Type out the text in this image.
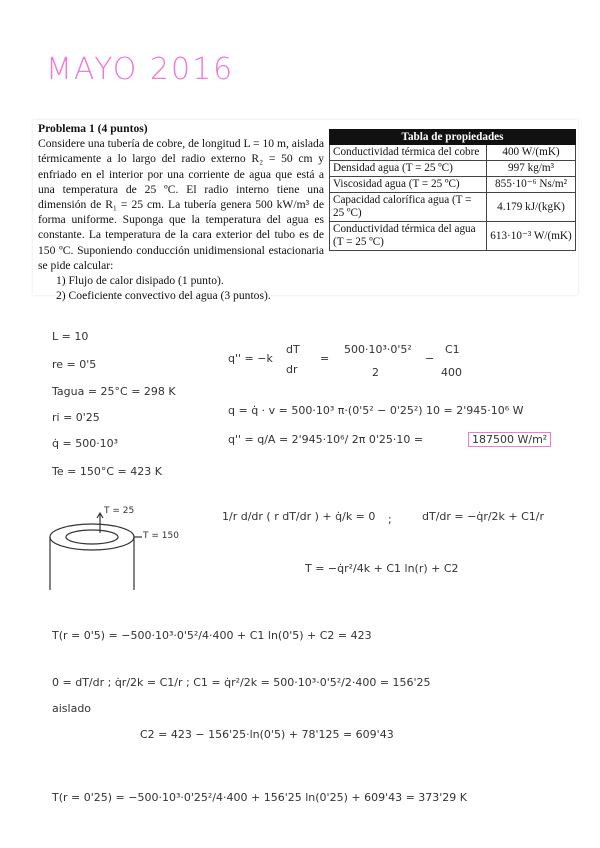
MAYO 2016
Problema 1 (4 puntos)
Considere una tubería de cobre, de longitud L = 10 m, aislada térmicamente a lo largo del radio externo R₂ = 50 cm y enfriado en el interior por una corriente de agua que está a una temperatura de 25 ºC. El radio interno tiene una dimensión de R₁ = 25 cm. La tubería genera 500 kW/m³ de forma uniforme. Suponga que la temperatura del agua es constante. La temperatura de la cara exterior del tubo es de 150 ºC. Suponiendo conducción unidimensional estacionaria se pide calcular:
1) Flujo de calor disipado (1 punto).
2) Coeficiente convectivo del agua (3 puntos).
Tabla de propiedades	
Conductividad térmica del cobre	400 W/(mK)
Densidad agua (T = 25 ºC)	997 kg/m³
Viscosidad agua (T = 25 ºC)	855·10⁻⁶ Ns/m²
Capacidad calorífica agua (T = 25 ºC)	4.179 kJ/(kgK)
Conductividad térmica del agua (T = 25 ºC)	613·10⁻³ W/(mK)
L = 10
re = 0'5
Tagua = 25°C = 298 K
ri = 0'25
q̇ = 500·10³
Te = 150°C = 423 K
q'' = −k
dT
dr
=
500·10³·0'5²
2
−
C1
400
q = q̇ · v = 500·10³ π·(0'5² − 0'25²) 10 = 2'945·10⁶ W
q'' = q/A = 2'945·10⁶/ 2π 0'25·10 =	187500 W/m²
1/r d/dr ( r dT/dr ) + q̇/k = 0 ;	dT/dr = −q̇r/2k + C1/r
T = −q̇r²/4k + C1 ln(r) + C2
T(r = 0'5) = −500·10³·0'5²/4·400 + C1 ln(0'5) + C2 = 423
0 = dT/dr ; q̇r/2k = C1/r ; C1 = q̇r²/2k = 500·10³·0'5²/2·400 = 156'25
aislado
C2 = 423 − 156'25·ln(0'5) + 78'125 = 609'43
T(r = 0'25) = −500·10³·0'25²/4·400 + 156'25 ln(0'25) + 609'43 = 373'29 K
T = 25
T = 150
